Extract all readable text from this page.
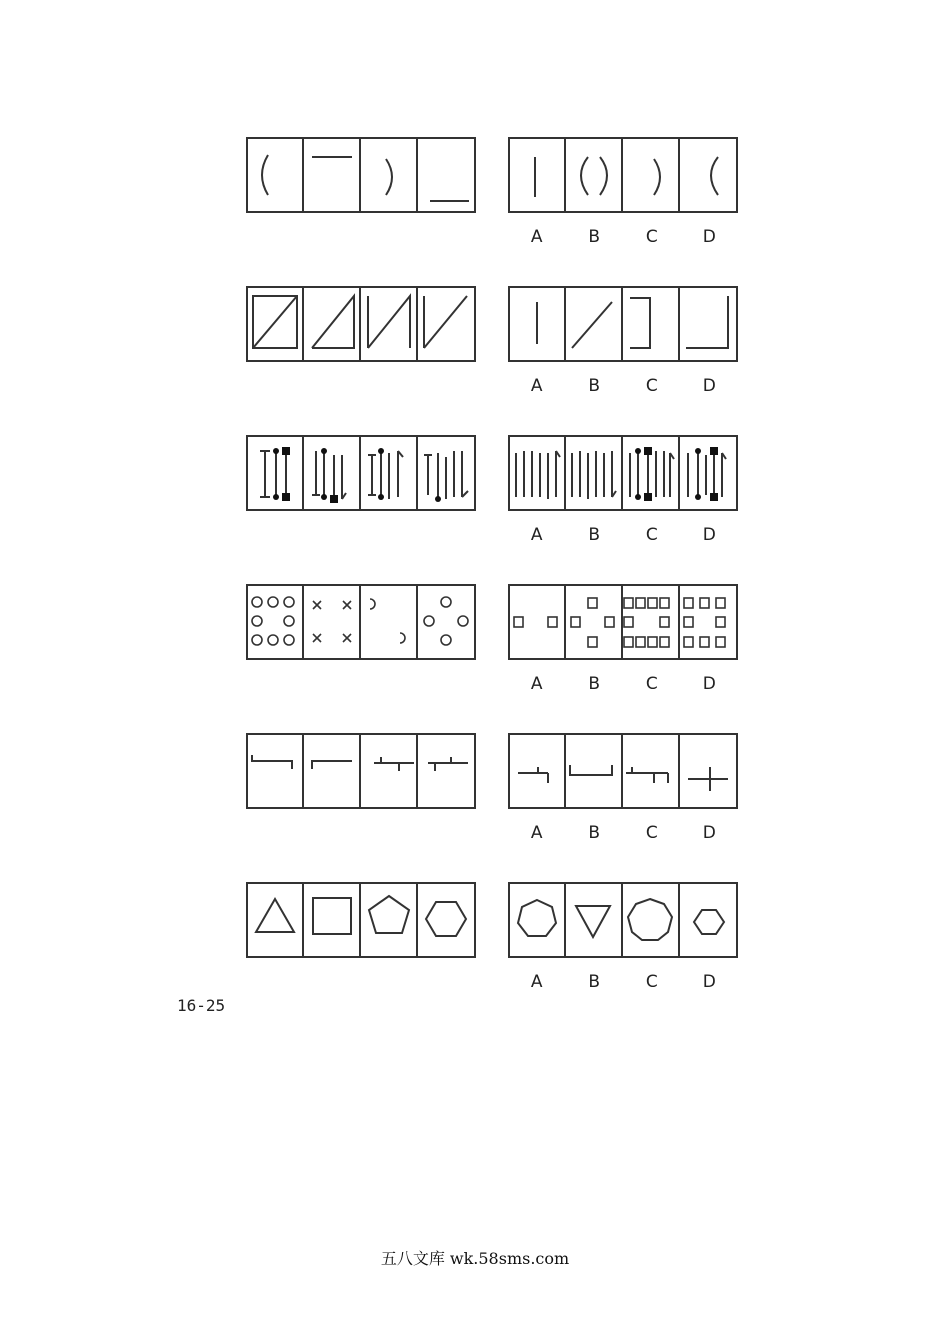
A	B	C	D
A	B	C	D
A	B	C	D
A	B	C	D
A	B	C	D
A	B	C	D
16-25
五八文库 wk.58sms.com
